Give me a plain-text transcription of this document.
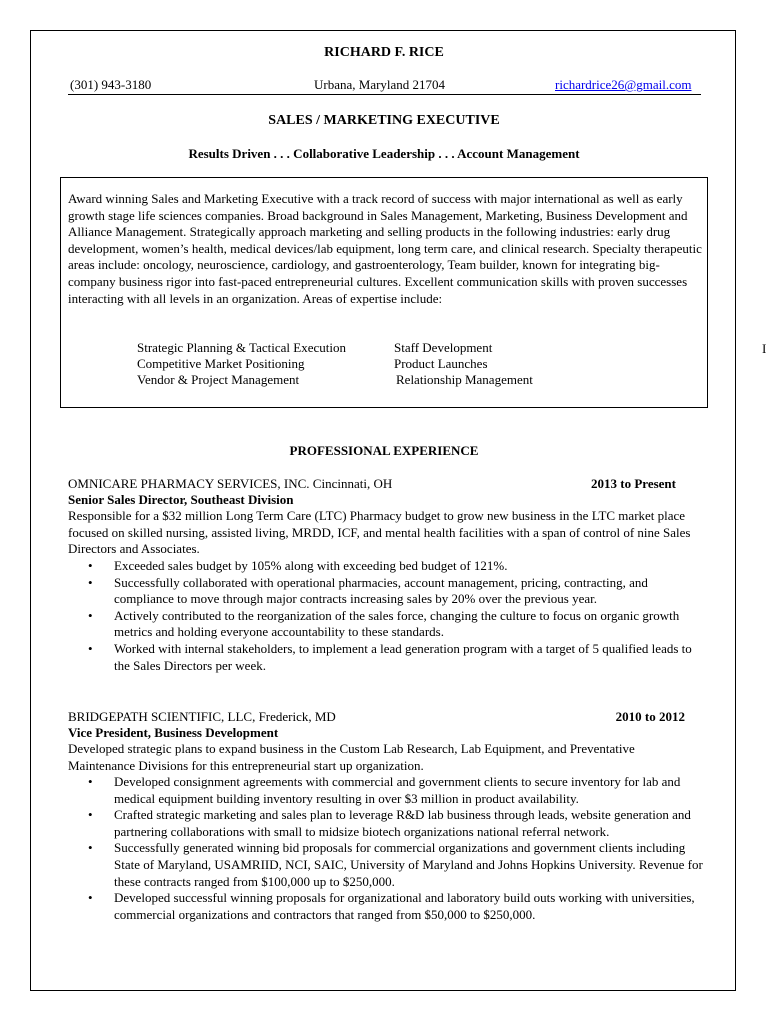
RICHARD F. RICE
(301) 943-3180	Urbana, Maryland 21704	richardrice26@gmail.com
SALES / MARKETING EXECUTIVE
Results Driven . . . Collaborative Leadership . . . Account Management
Award winning Sales and Marketing Executive with a track record of success with major international as well as early growth stage life sciences companies. Broad background in Sales Management, Marketing, Business Development and Alliance Management. Strategically approach marketing and selling products in the following industries: early drug development, women’s health, medical devices/lab equipment, long term care, and clinical research. Specialty therapeutic areas include: oncology, neuroscience, cardiology, and gastroenterology, Team builder, known for integrating big-company business rigor into fast-paced entrepreneurial cultures. Excellent communication skills with proven successes interacting with all levels in an organization. Areas of expertise include:
Strategic Planning & Tactical Execution	Staff Development
Competitive Market Positioning	Product Launches
Vendor & Project Management	Relationship Management
I
PROFESSIONAL EXPERIENCE
OMNICARE PHARMACY SERVICES, INC. Cincinnati, OH	2013 to Present
Senior Sales Director, Southeast Division
Responsible for a $32 million Long Term Care (LTC) Pharmacy budget to grow new business in the LTC market place focused on skilled nursing, assisted living, MRDD, ICF, and mental health facilities with a span of control of nine Sales Directors and Associates.
• Exceeded sales budget by 105% along with exceeding bed budget of 121%.
• Successfully collaborated with operational pharmacies, account management, pricing, contracting, and compliance to move through major contracts increasing sales by 20% over the previous year.
• Actively contributed to the reorganization of the sales force, changing the culture to focus on organic growth metrics and holding everyone accountability to these standards.
• Worked with internal stakeholders, to implement a lead generation program with a target of 5 qualified leads to the Sales Directors per week.
BRIDGEPATH SCIENTIFIC, LLC, Frederick, MD	2010 to 2012
Vice President, Business Development
Developed strategic plans to expand business in the Custom Lab Research, Lab Equipment, and Preventative Maintenance Divisions for this entrepreneurial start up organization.
• Developed consignment agreements with commercial and government clients to secure inventory for lab and medical equipment building inventory resulting in over $3 million in product availability.
• Crafted strategic marketing and sales plan to leverage R&D lab business through leads, website generation and partnering collaborations with small to midsize biotech organizations national referral network.
• Successfully generated winning bid proposals for commercial organizations and government clients including State of Maryland, USAMRIID, NCI, SAIC, University of Maryland and Johns Hopkins University. Revenue for these contracts ranged from $100,000 up to $250,000.
• Developed successful winning proposals for organizational and laboratory build outs working with universities, commercial organizations and contractors that ranged from $50,000 to $250,000.
